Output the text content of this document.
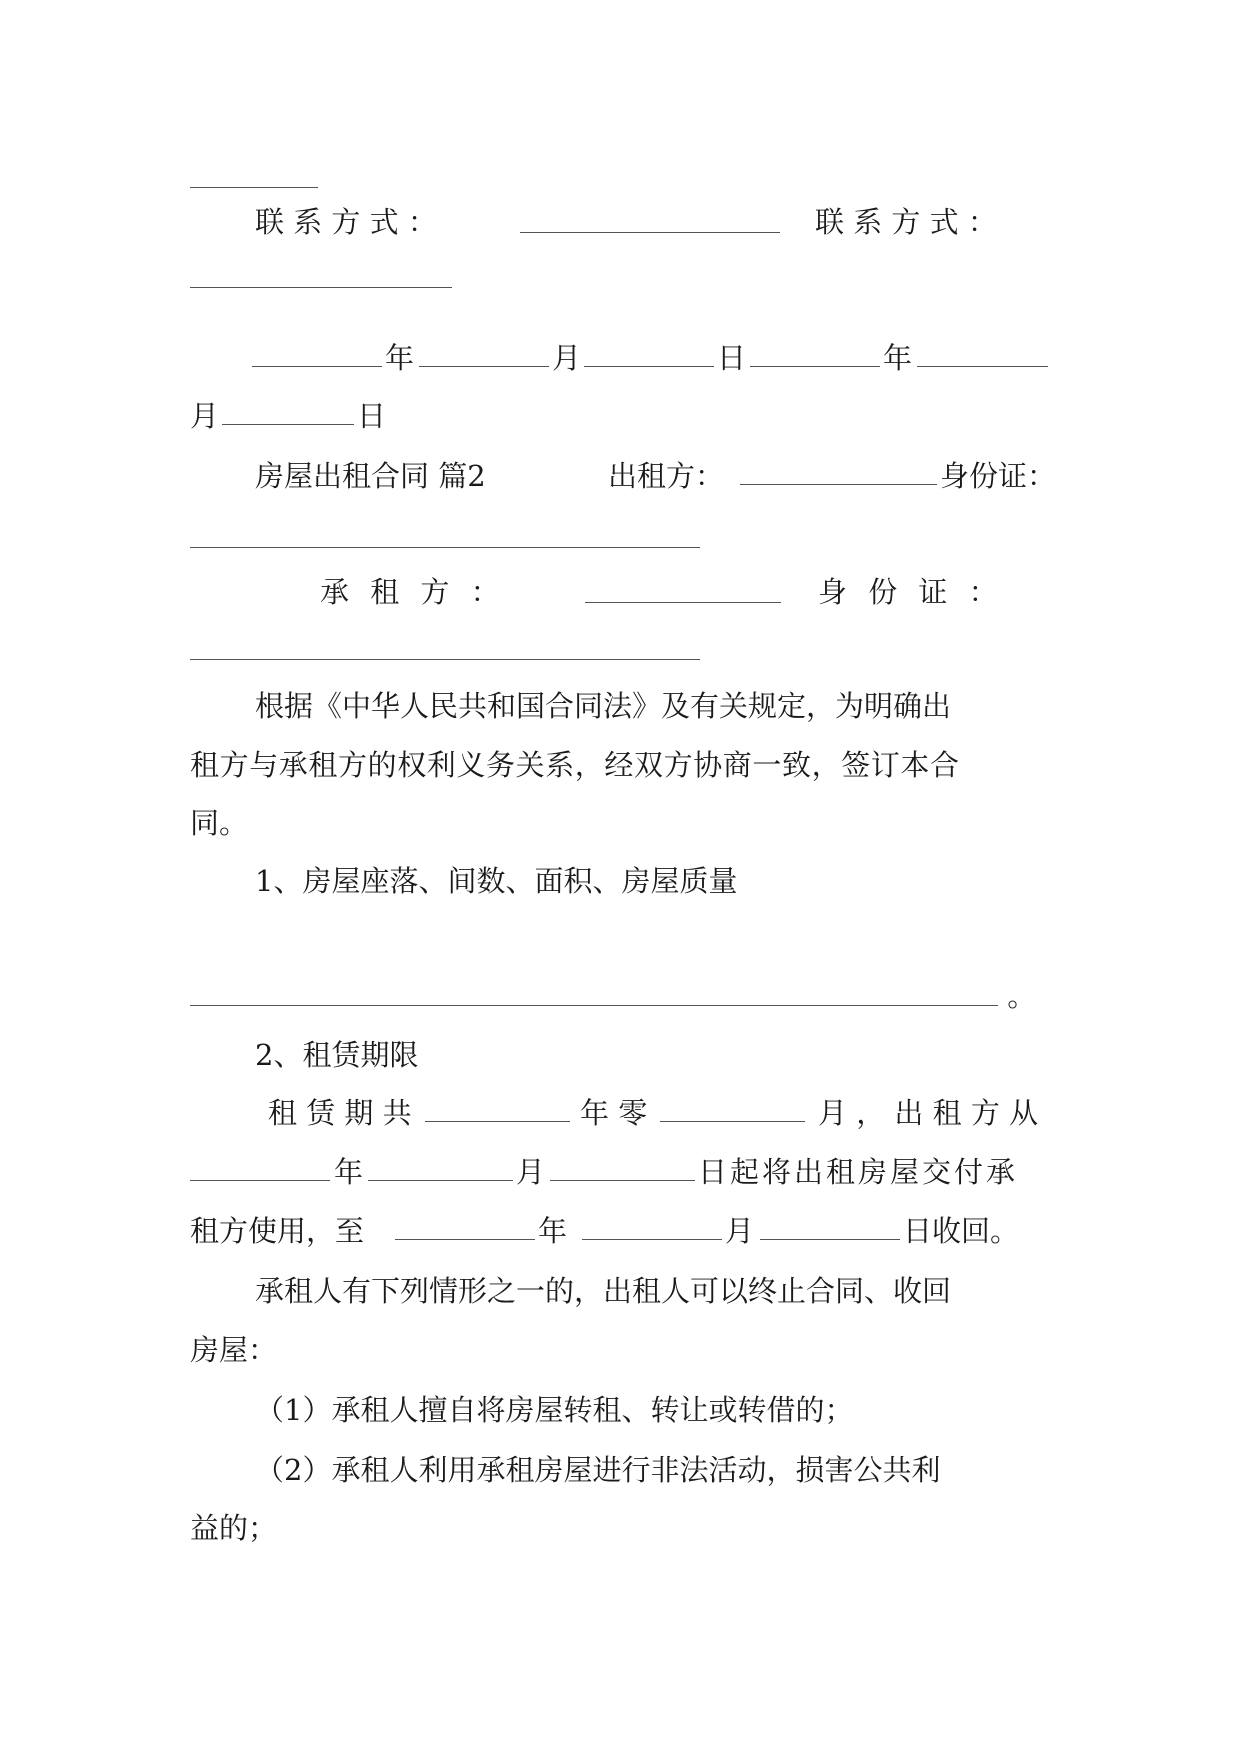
联 系 方 式 ：	联 系 方 式 ：
年	月	日	年
月	日
房屋出租合同 篇2	出租方：	身份证：
承 租 方 ：	身 份 证 ：
根据《中华人民共和国合同法》及有关规定，为明确出
租方与承租方的权利义务关系，经双方协商一致，签订本合
同。
1、房屋座落、间数、面积、房屋质量
。
2、租赁期限
租 赁 期 共	年 零	月 ， 出 租 方 从
年	月	日起将出租房屋交付承
租方使用，至	年	月	日收回。
承租人有下列情形之一的，出租人可以终止合同、收回
房屋：
（1）承租人擅自将房屋转租、转让或转借的；
（2）承租人利用承租房屋进行非法活动，损害公共利
益的；
